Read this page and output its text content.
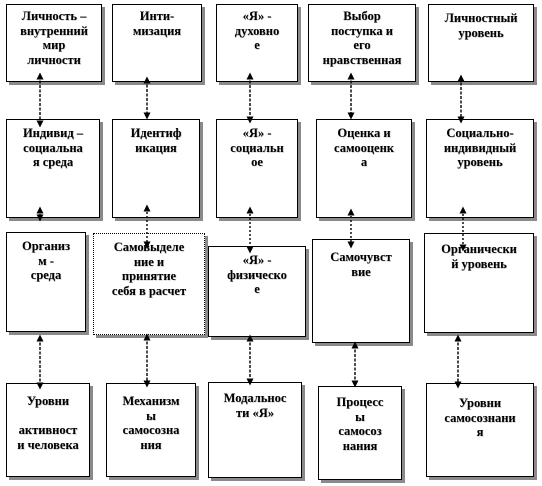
Личность –
внутренний
мир
личности
Индивид –
социальна
я среда
Организ
м -
среда
Уровни

активност
и человека
Инти-
мизация
Идентиф
икация
Самовыделе
ние и
принятие
себя в расчет
Механизм
ы
самосозна
ния
«Я» -
духовно
е
«Я» -
социальн
ое
«Я» -
физическо
е
Модальнос
ти «Я»
Выбор
поступка и
его
нравственная
Оценка и
самооценк
а
Самочувст
вие
Процесс
ы
самосоз
нания
Личностный
уровень
Социально-
индивидный
уровень
Органически
й уровень
Уровни
самосознани
я
